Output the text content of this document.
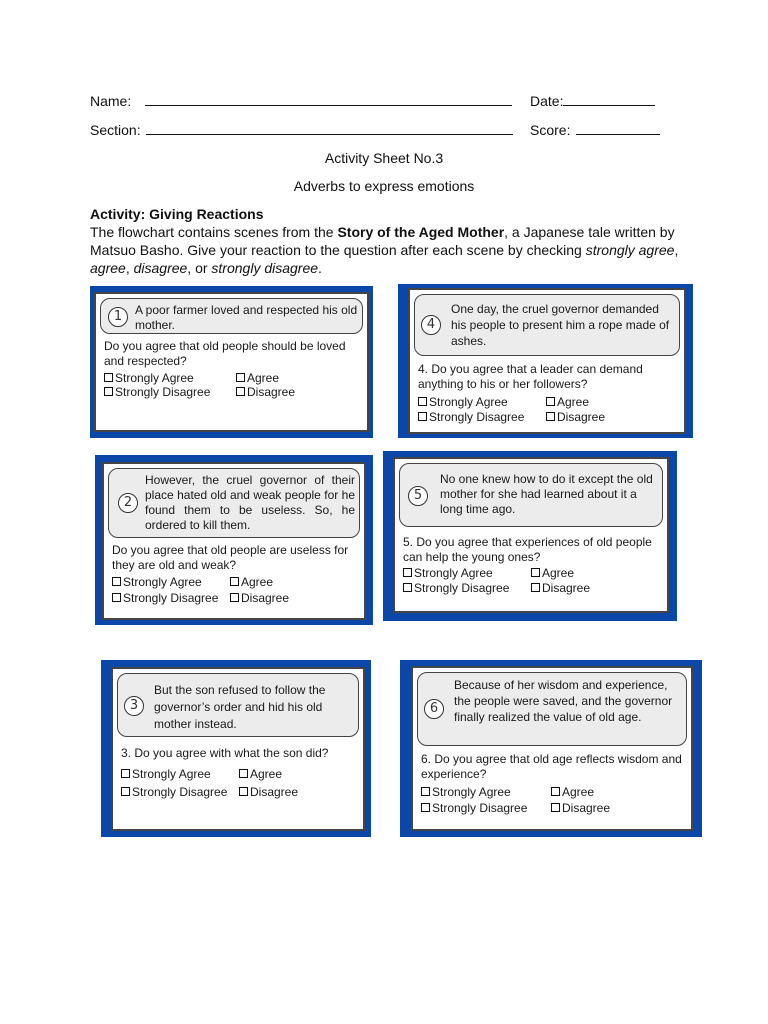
Name:	Date:
Section:	Score:
Activity Sheet No.3
Adverbs to express emotions
Activity: Giving Reactions
The flowchart contains scenes from the Story of the Aged Mother, a Japanese tale written by Matsuo Basho. Give your reaction to the question after each scene by checking strongly agree, agree, disagree, or strongly disagree.
1	A poor farmer loved and respected his old mother.
Do you agree that old people should be loved and respected?
Strongly Agree	Agree
Strongly Disagree	Disagree
2
However, the cruel governor of their place hated old and weak people for he found them to be useless. So, he ordered to kill them.
Do you agree that old people are useless for they are old and weak?
Strongly Agree	Agree
Strongly Disagree	Disagree
3
But the son refused to follow the governor’s order and hid his old mother instead.
3. Do you agree with what the son did?
Strongly Agree	Agree
Strongly Disagree	Disagree
4
One day, the cruel governor demanded his people to present him a rope made of ashes.
4. Do you agree that a leader can demand anything to his or her followers?
Strongly Agree	Agree
Strongly Disagree	Disagree
5
No one knew how to do it except the old mother for she had learned about it a long time ago.
5. Do you agree that experiences of old people can help the young ones?
Strongly Agree	Agree
Strongly Disagree	Disagree
6
Because of her wisdom and experience, the people were saved, and the governor finally realized the value of old age.
6. Do you agree that old age reflects wisdom and experience?
Strongly Agree	Agree
Strongly Disagree	Disagree
